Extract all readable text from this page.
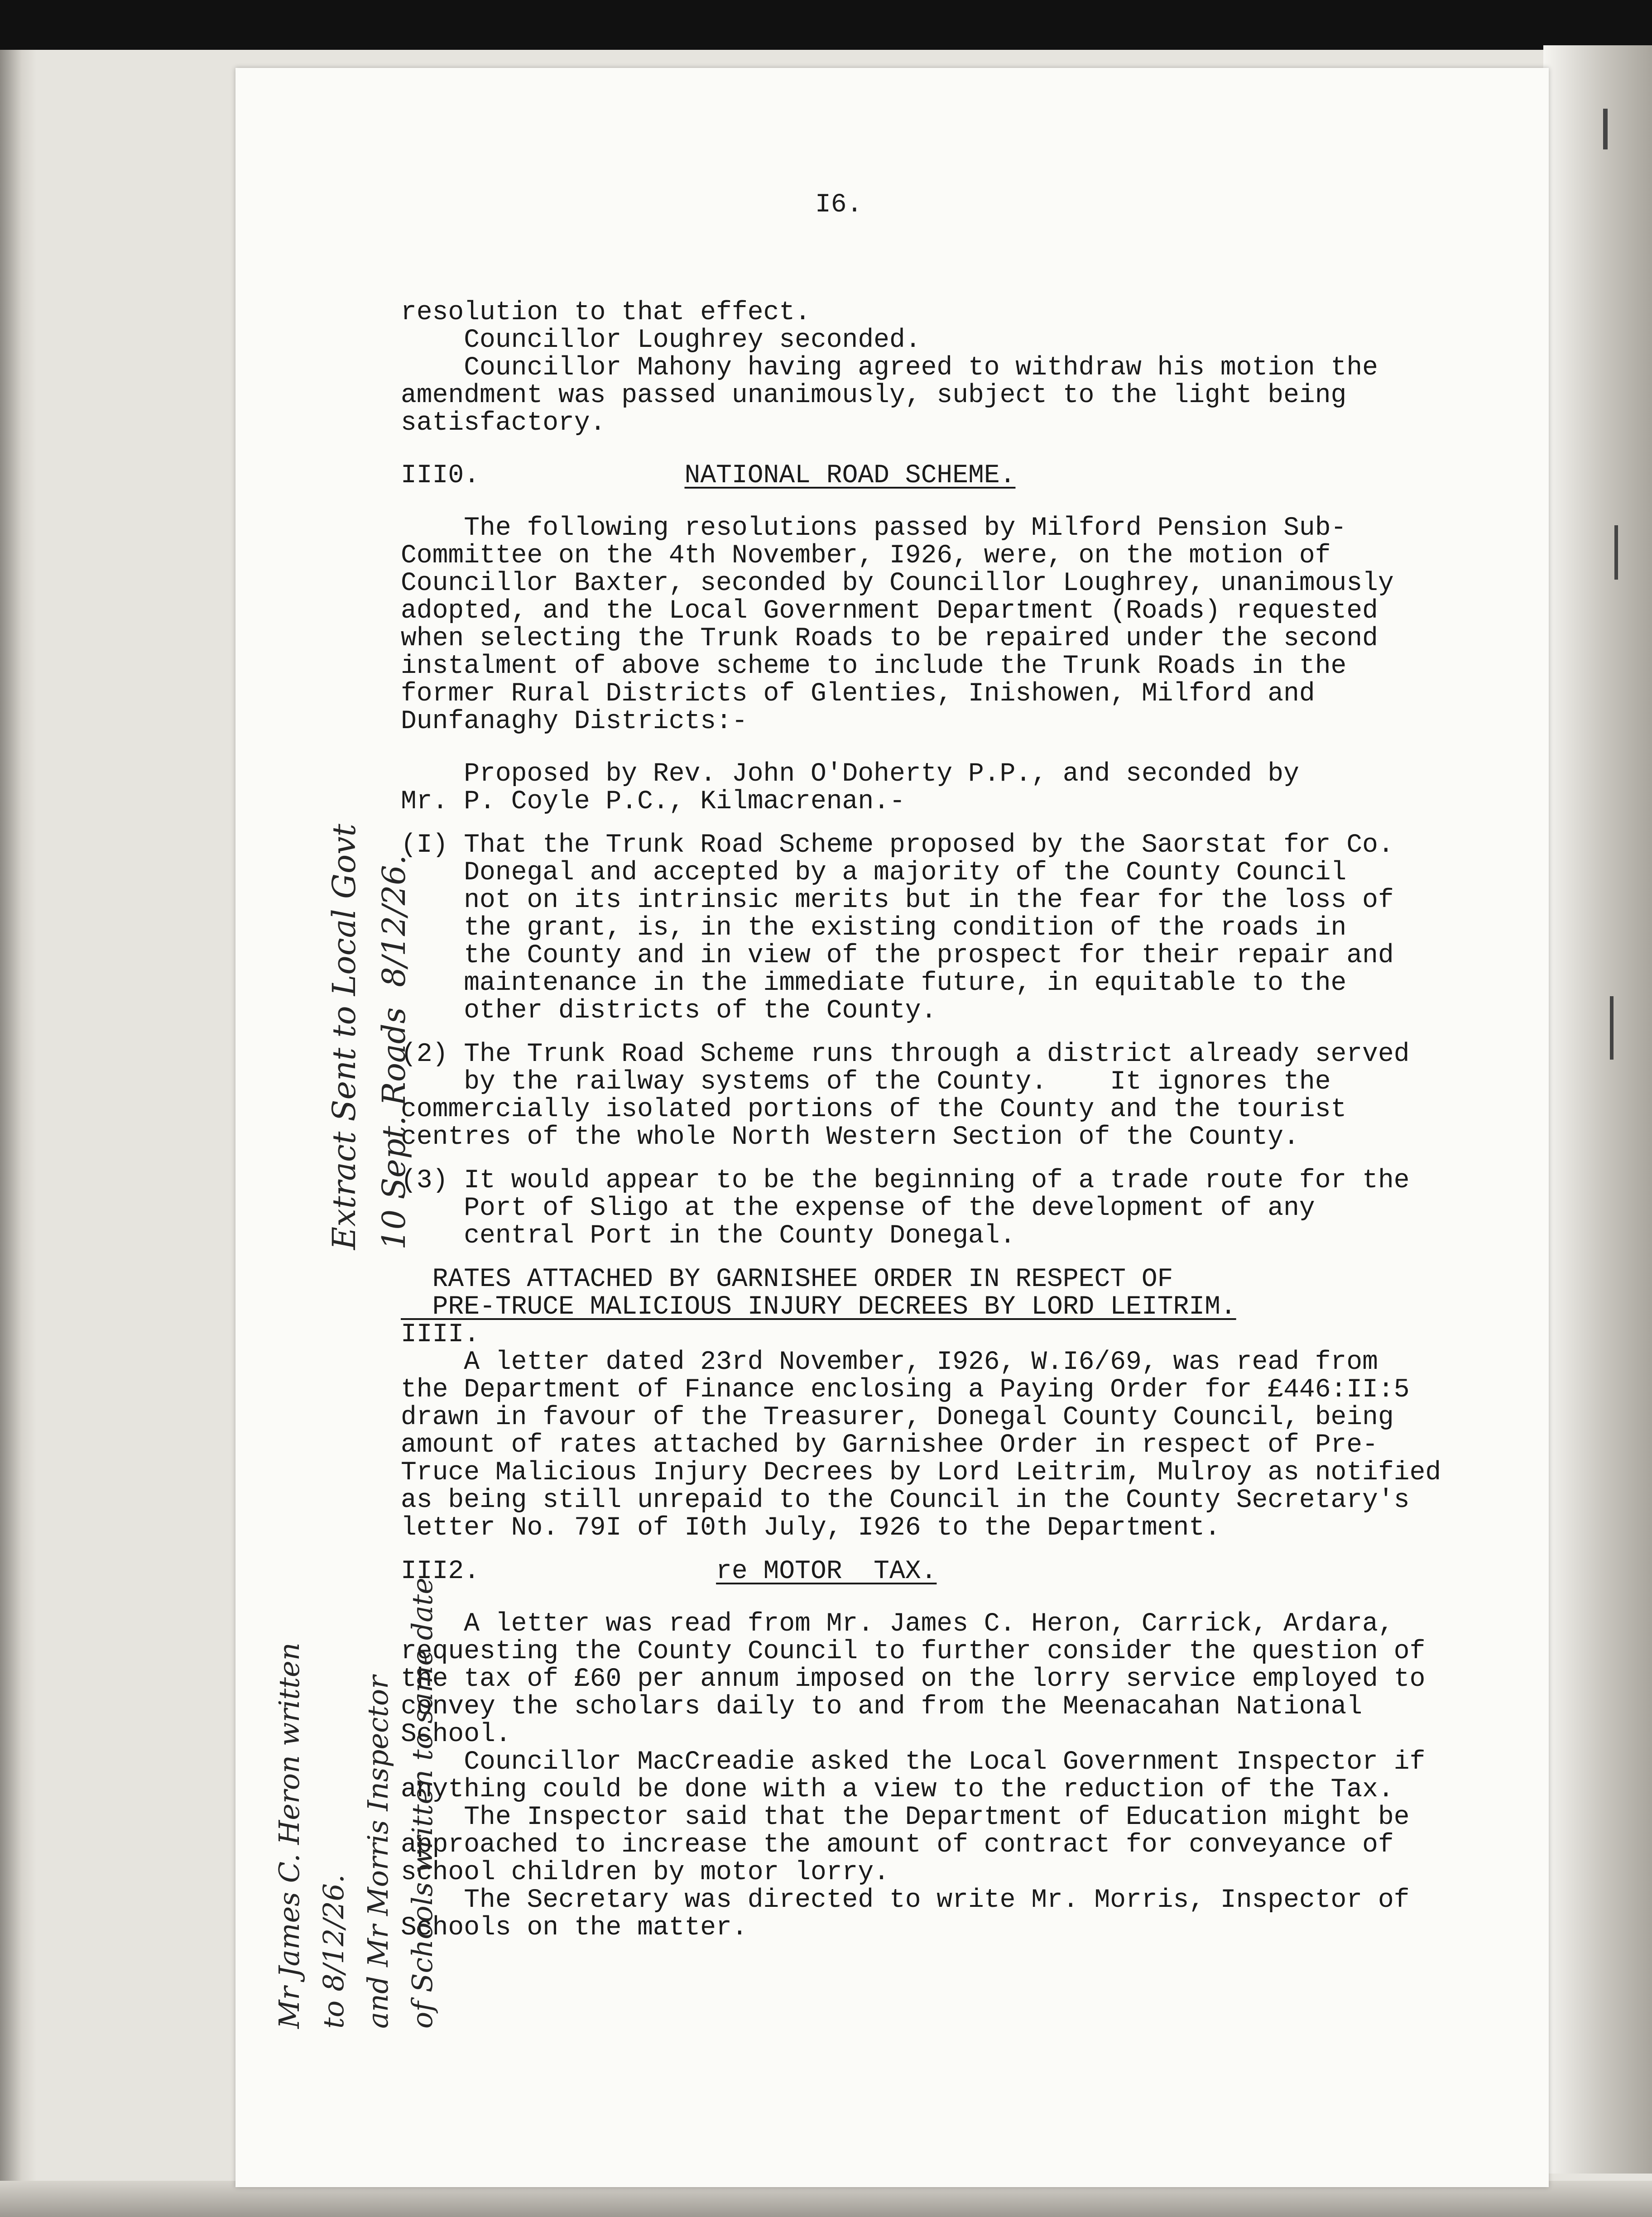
I6.

resolution to that effect.

Councillor Loughrey seconded.

Councillor Mahony having agreed to withdraw his motion the

amendment was passed unanimously, subject to the light being

satisfactory.

III0.	NATIONAL ROAD SCHEME.

The following resolutions passed by Milford Pension Sub-

Committee on the 4th November, I926, were, on the motion of

Councillor Baxter, seconded by Councillor Loughrey, unanimously

adopted, and the Local Government Department (Roads) requested

when selecting the Trunk Roads to be repaired under the second

instalment of above scheme to include the Trunk Roads in the

former Rural Districts of Glenties, Inishowen, Milford and

Dunfanaghy Districts:-

Proposed by Rev. John O'Doherty P.P., and seconded by

Mr. P. Coyle P.C., Kilmacrenan.-

(I) That the Trunk Road Scheme proposed by the Saorstat for Co.

Donegal and accepted by a majority of the County Council

not on its intrinsic merits but in the fear for the loss of

the grant, is, in the existing condition of the roads in

the County and in view of the prospect for their repair and

maintenance in the immediate future, in equitable to the

other districts of the County.

(2) The Trunk Road Scheme runs through a district already served

by the railway systems of the County.    It ignores the

commercially isolated portions of the County and the tourist

centres of the whole North Western Section of the County.

(3) It would appear to be the beginning of a trade route for the

Port of Sligo at the expense of the development of any

central Port in the County Donegal.

RATES ATTACHED BY GARNISHEE ORDER IN RESPECT OF

PRE-TRUCE MALICIOUS INJURY DECREES BY LORD LEITRIM.

IIII.

A letter dated 23rd November, I926, W.I6/69, was read from

the Department of Finance enclosing a Paying Order for £446:II:5

drawn in favour of the Treasurer, Donegal County Council, being

amount of rates attached by Garnishee Order in respect of Pre-

Truce Malicious Injury Decrees by Lord Leitrim, Mulroy as notified

as being still unrepaid to the Council in the County Secretary's

letter No. 79I of I0th July, I926 to the Department.

III2.	re MOTOR  TAX.

A letter was read from Mr. James C. Heron, Carrick, Ardara,

requesting the County Council to further consider the question of

the tax of £60 per annum imposed on the lorry service employed to

convey the scholars daily to and from the Meenacahan National

School.

Councillor MacCreadie asked the Local Government Inspector if

anything could be done with a view to the reduction of the Tax.

The Inspector said that the Department of Education might be

approached to increase the amount of contract for conveyance of

school children by motor lorry.

The Secretary was directed to write Mr. Morris, Inspector of

Schools on the matter.

Extract Sent to Local Govt 10 Sept. Roads  8/12/26.
Mr James C. Heron written to 8/12/26. and Mr Morris Inspector of Schools written to same date
